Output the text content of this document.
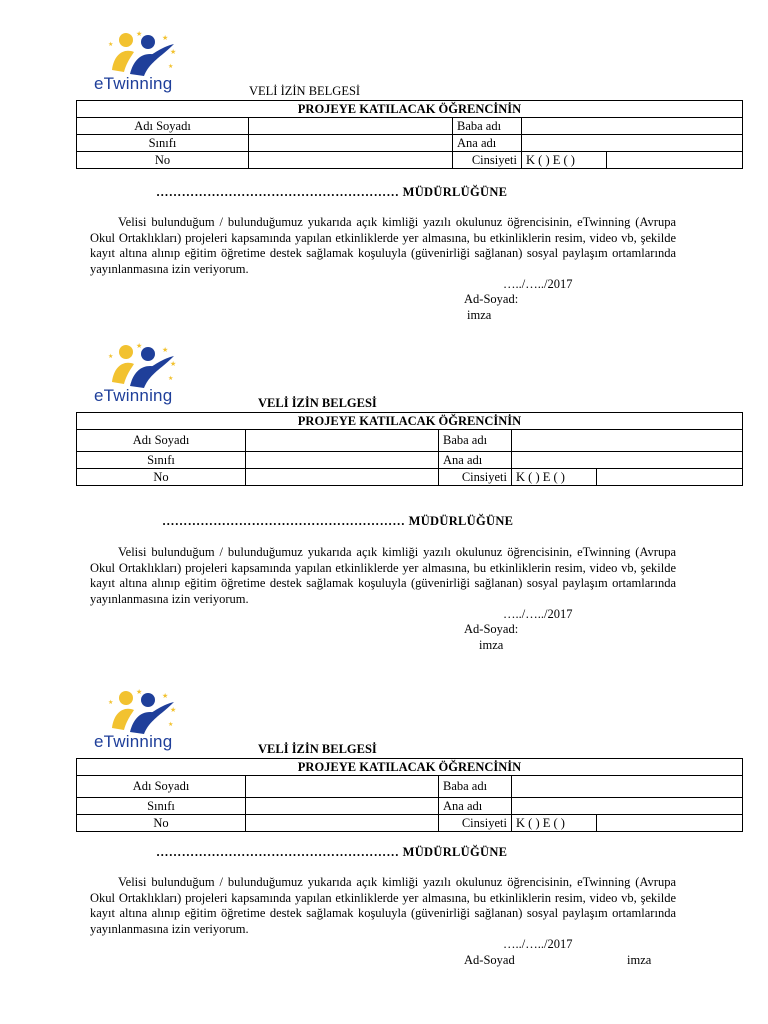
★	★
★
★
★
eTwinning	VELİ İZİN BELGESİ
PROJEYE KATILACAK ÖĞRENCİNİN				
Adı Soyadı		Baba adı		
Sınıfı		Ana adı		
No		Cinsiyeti	K ( ) E ( )	
………………………………………………… MÜDÜRLÜĞÜNE
Velisi bulunduğum / bulunduğumuz yukarıda açık kimliği yazılı okulunuz öğrencisinin, eTwinning (Avrupa Okul Ortaklıkları) projeleri kapsamında yapılan etkinliklerde yer almasına, bu etkinliklerin resim, video vb, şekilde kayıt altına alınıp eğitim öğretime destek sağlamak koşuluyla (güvenirliği sağlanan) sosyal paylaşım ortamlarında yayınlanmasına izin veriyorum.
…../…../2017
Ad-Soyad:
imza
★	★
★
★
★
eTwinning	VELİ İZİN BELGESİ
PROJEYE KATILACAK ÖĞRENCİNİN				
Adı Soyadı		Baba adı		
Sınıfı		Ana adı		
No		Cinsiyeti	K ( ) E ( )	
………………………………………………… MÜDÜRLÜĞÜNE
Velisi bulunduğum / bulunduğumuz yukarıda açık kimliği yazılı okulunuz öğrencisinin, eTwinning (Avrupa Okul Ortaklıkları) projeleri kapsamında yapılan etkinliklerde yer almasına, bu etkinliklerin resim, video vb, şekilde kayıt altına alınıp eğitim öğretime destek sağlamak koşuluyla (güvenirliği sağlanan) sosyal paylaşım ortamlarında yayınlanmasına izin veriyorum.
…../…../2017
Ad-Soyad:
imza
★	★
★
★
★
eTwinning	VELİ İZİN BELGESİ
PROJEYE KATILACAK ÖĞRENCİNİN				
Adı Soyadı		Baba adı		
Sınıfı		Ana adı		
No		Cinsiyeti	K ( ) E ( )	
………………………………………………… MÜDÜRLÜĞÜNE
Velisi bulunduğum / bulunduğumuz yukarıda açık kimliği yazılı okulunuz öğrencisinin, eTwinning (Avrupa Okul Ortaklıkları) projeleri kapsamında yapılan etkinliklerde yer almasına, bu etkinliklerin resim, video vb, şekilde kayıt altına alınıp eğitim öğretime destek sağlamak koşuluyla (güvenirliği sağlanan) sosyal paylaşım ortamlarında yayınlanmasına izin veriyorum.
…../…../2017
Ad-Soyad	imza
